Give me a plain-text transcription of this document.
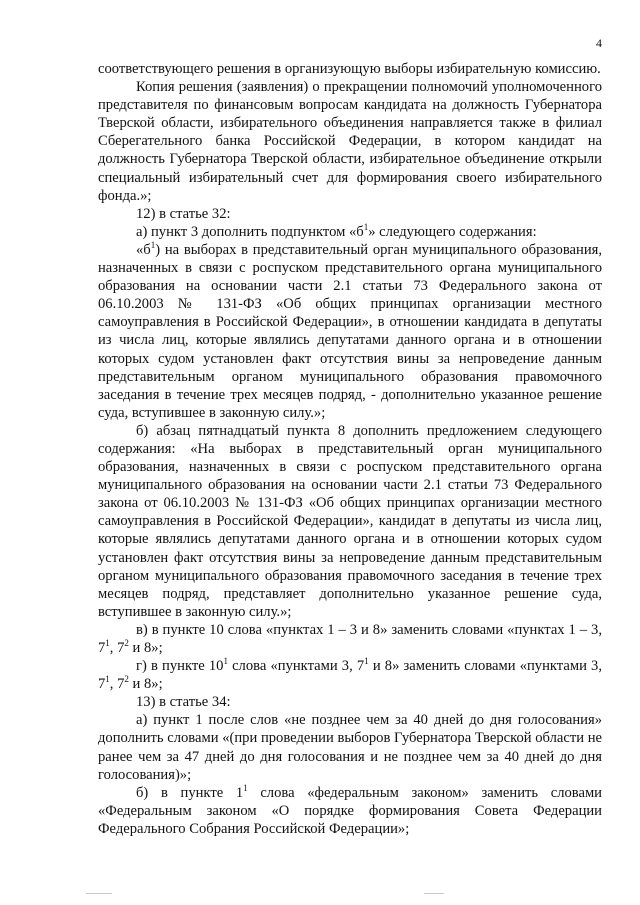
4

соответствующего решения в организующую выборы избирательную комиссию.

Копия решения (заявления) о прекращении полномочий уполномоченного представителя по финансовым вопросам кандидата на должность Губернатора Тверской области, избирательного объединения направляется также в филиал Сберегательного банка Российской Федерации, в котором кандидат на должность Губернатора Тверской области, избирательное объединение открыли специальный избирательный счет для формирования своего избирательного фонда.»;

12) в статье 32:

а) пункт 3 дополнить подпунктом «$б^1$» следующего содержания:

«$б^1$) на выборах в представительный орган муниципального образования, назначенных в связи с роспуском представительного органа муниципального образования на основании части 2.1 статьи 73 Федерального закона от 06.10.2003 № 131-ФЗ «Об общих принципах организации местного самоуправления в Российской Федерации», в отношении кандидата в депутаты из числа лиц, которые являлись депутатами данного органа и в отношении которых судом установлен факт отсутствия вины за непроведение данным представительным органом муниципального образования правомочного заседания в течение трех месяцев подряд, - дополнительно указанное решение суда, вступившее в законную силу.»;

б) абзац пятнадцатый пункта 8 дополнить предложением следующего содержания: «На выборах в представительный орган муниципального образования, назначенных в связи с роспуском представительного органа муниципального образования на основании части 2.1 статьи 73 Федерального закона от 06.10.2003 № 131-ФЗ «Об общих принципах организации местного самоуправления в Российской Федерации», кандидат в депутаты из числа лиц, которые являлись депутатами данного органа и в отношении которых судом установлен факт отсутствия вины за непроведение данным представительным органом муниципального образования правомочного заседания в течение трех месяцев подряд, представляет дополнительно указанное решение суда, вступившее в законную силу.»;

в) в пункте 10 слова «пунктах 1 – 3 и 8» заменить словами «пунктах 1 – 3, $7^1$, $7^2$ и 8»;

г) в пункте $10^1$ слова «пунктами 3, $7^1$ и 8» заменить словами «пунктами 3, $7^1$, $7^2$ и 8»;

13) в статье 34:

а) пункт 1 после слов «не позднее чем за 40 дней до дня голосования» дополнить словами «(при проведении выборов Губернатора Тверской области не ранее чем за 47 дней до дня голосования и не позднее чем за 40 дней до дня голосования)»;

б) в пункте $1^1$ слова «федеральным законом» заменить словами «Федеральным законом «О порядке формирования Совета Федерации Федерального Собрания Российской Федерации»;
